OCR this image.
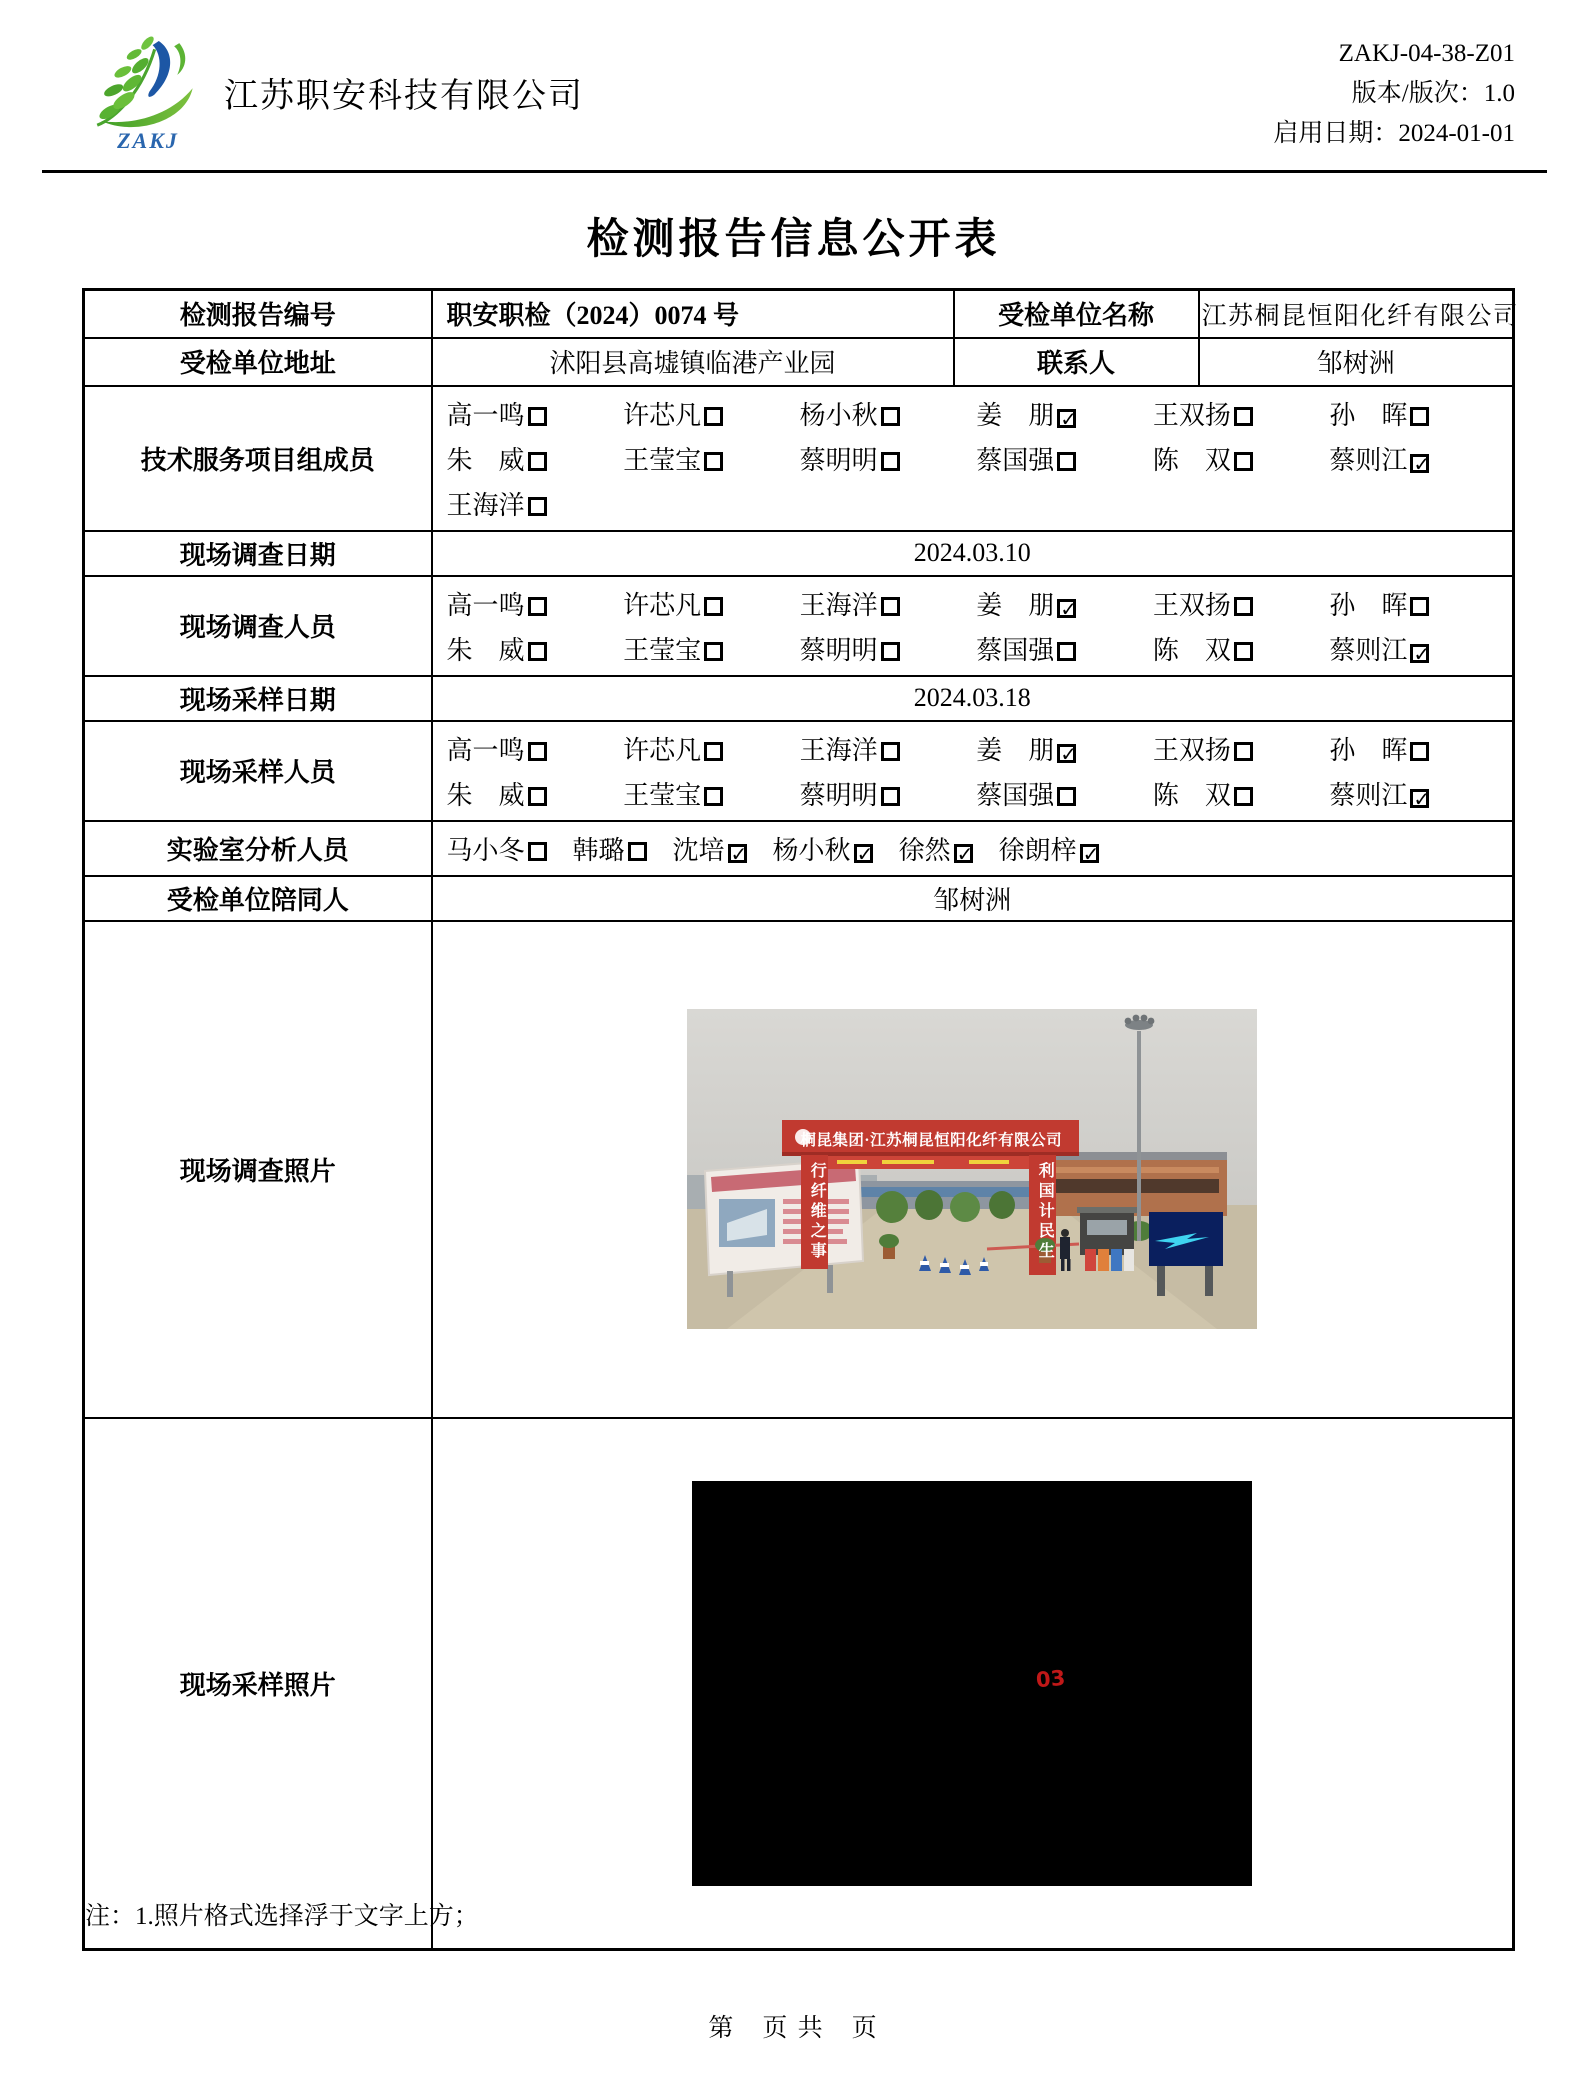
ZAKJ
江苏职安科技有限公司
ZAKJ-04-38-Z01
版本/版次：1.0
启用日期：2024-01-01
检测报告信息公开表
检测报告编号	职安职检（2024）0074 号	受检单位名称	江苏桐昆恒阳化纤有限公司
受检单位地址	沭阳县高墟镇临港产业园	联系人	邹树洲
技术服务项目组成员	
高一鸣	许芯凡	杨小秋	姜　朋 ✓	王双扬	孙　晖
朱　威	王莹宝	蔡明明	蔡国强	陈　双	蔡则江 ✓
王海洋

现场调查日期	2024.03.10		
现场调查人员	
高一鸣	许芯凡	王海洋	姜　朋 ✓	王双扬	孙　晖
朱　威	王莹宝	蔡明明	蔡国强	陈　双	蔡则江 ✓

现场采样日期	2024.03.18		
现场采样人员	
高一鸣	许芯凡	王海洋	姜　朋 ✓	王双扬	孙　晖
朱　威	王莹宝	蔡明明	蔡国强	陈　双	蔡则江 ✓

实验室分析人员	马小冬	韩璐	沈培 ✓ 杨小秋 ✓ 徐然 ✓ 徐朗梓 ✓

受检单位陪同人	邹树洲		
现场调查照片	桐昆集团·江苏桐昆恒阳化纤有限公司
行纤维之事 利国计民生		

现场采样照片	03		
注：1.照片格式选择浮于文字上方；
第　页 共　页
